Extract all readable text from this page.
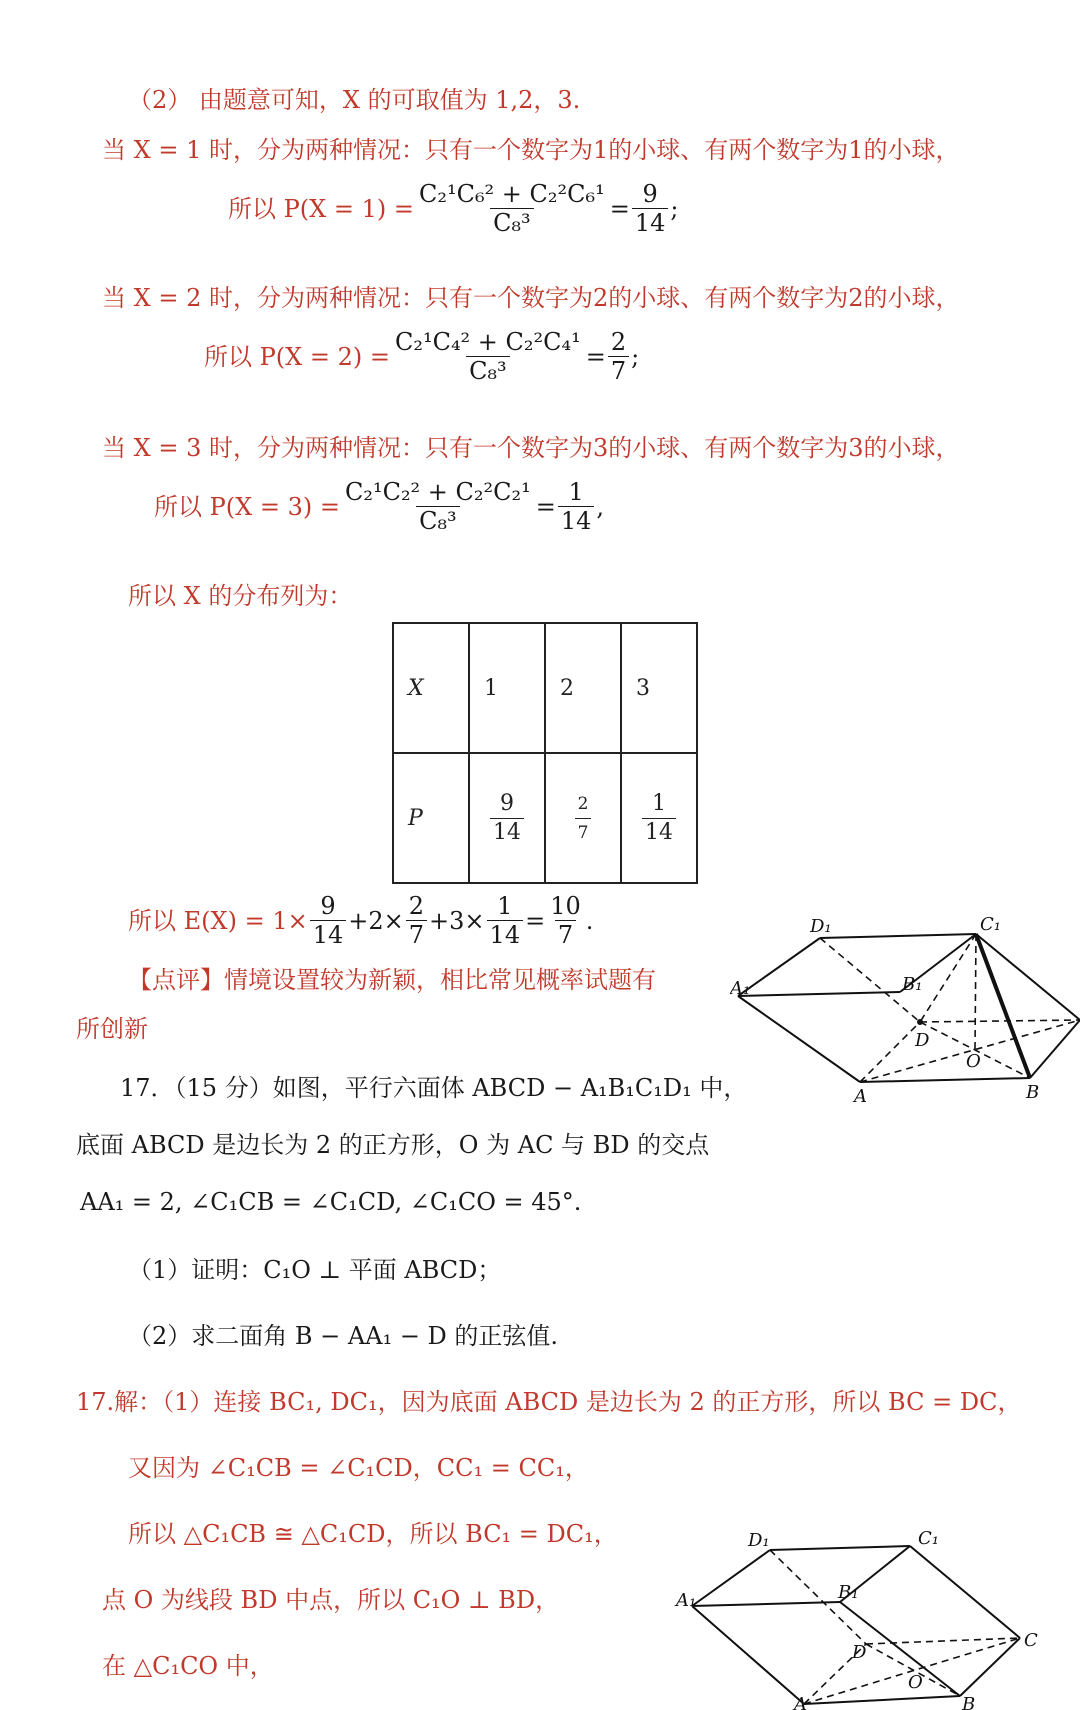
（2） 由题意可知，X 的可取值为 1,2，3.
当 X = 1 时，分为两种情况：只有一个数字为1的小球、有两个数字为1的小球，
所以 $P(X = 1) = \frac{\text{C₂¹C₆² + C₂²C₆¹}}{\text{C₈³}} = \frac{9}{14}$ ;
当 X = 2 时，分为两种情况：只有一个数字为2的小球、有两个数字为2的小球，
所以 $P(X = 2) = \frac{\text{C₂¹C₄² + C₂²C₄¹}}{\text{C₈³}} = \frac{2}{7}$ ;
当 X = 3 时，分为两种情况：只有一个数字为3的小球、有两个数字为3的小球，
所以 $P(X = 3) = \frac{\text{C₂¹C₂² + C₂²C₂¹}}{\text{C₈³}} = \frac{1}{14}$ ,
所以 X 的分布列为：
X	1	2	3
P	$\frac{9}{14}$	$\frac{2}{7}$	$\frac{1}{14}$
所以 $E(X) = 1\times \frac{9}{14} +2\times \frac{2}{7} +3\times \frac{1}{14} = \frac{10}{7}$ .
【点评】情境设置较为新颖，相比常见概率试题有
所创新
17．（15 分）如图，平行六面体 ABCD − A₁B₁C₁D₁ 中，
底面 ABCD 是边长为 2 的正方形，O 为 AC 与 BD 的交点
AA₁ = 2, ∠C₁CB = ∠C₁CD, ∠C₁CO = 45°.
（1）证明：C₁O ⊥ 平面 ABCD；
（2）求二面角 B − AA₁ − D 的正弦值.
17.解：（1）连接 BC₁, DC₁，因为底面 ABCD 是边长为 2 的正方形，所以 BC = DC，
又因为 ∠C₁CB = ∠C₁CD，CC₁ = CC₁，
所以 △C₁CB ≅ △C₁CD，所以 BC₁ = DC₁，
点 O 为线段 BD 中点，所以 C₁O ⊥ BD，
在 △C₁CO 中，
D₁	C₁
A₁	B₁
D
O
A	B
D₁	C₁
A₁	B₁
D
O
C
A	B
